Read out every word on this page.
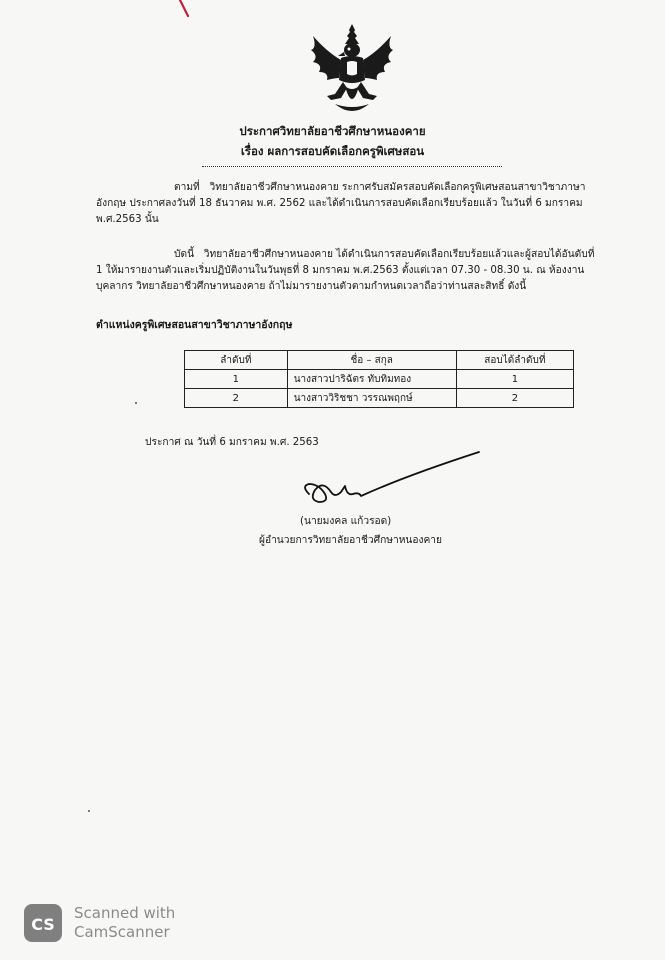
ประกาศวิทยาลัยอาชีวศึกษาหนองคาย
เรื่อง ผลการสอบคัดเลือกครูพิเศษสอน
ตามที่ วิทยาลัยอาชีวศึกษาหนองคาย ระกาศรับสมัครสอบคัดเลือกครูพิเศษสอนสาขาวิชาภาษาอังกฤษ ประกาศลงวันที่ 18 ธันวาคม พ.ศ. 2562 และได้ดำเนินการสอบคัดเลือกเรียบร้อยแล้ว ในวันที่ 6 มกราคม พ.ศ.2563 นั้น
บัดนี้ วิทยาลัยอาชีวศึกษาหนองคาย ได้ดำเนินการสอบคัดเลือกเรียบร้อยแล้วและผู้สอบได้อันดับที่ 1 ให้มารายงานตัวและเริ่มปฏิบัติงานในวันพุธที่ 8 มกราคม พ.ศ.2563 ตั้งแต่เวลา 07.30 - 08.30 น. ณ ห้องงานบุคลากร วิทยาลัยอาชีวศึกษาหนองคาย ถ้าไม่มารายงานตัวตามกำหนดเวลาถือว่าท่านสละสิทธิ์ ดังนี้
ตำแหน่งครูพิเศษสอนสาขาวิชาภาษาอังกฤษ
ลำดับที่	ชื่อ – สกุล	สอบได้ลำดับที่
1	นางสาวปาริฉัตร ทับทิมทอง	1
2	นางสาววิริชชา วรรณพฤกษ์	2
ประกาศ ณ วันที่ 6 มกราคม พ.ศ. 2563
(นายมงคล แก้วรอด)
ผู้อำนวยการวิทยาลัยอาชีวศึกษาหนองคาย
CS
Scanned with
CamScanner
